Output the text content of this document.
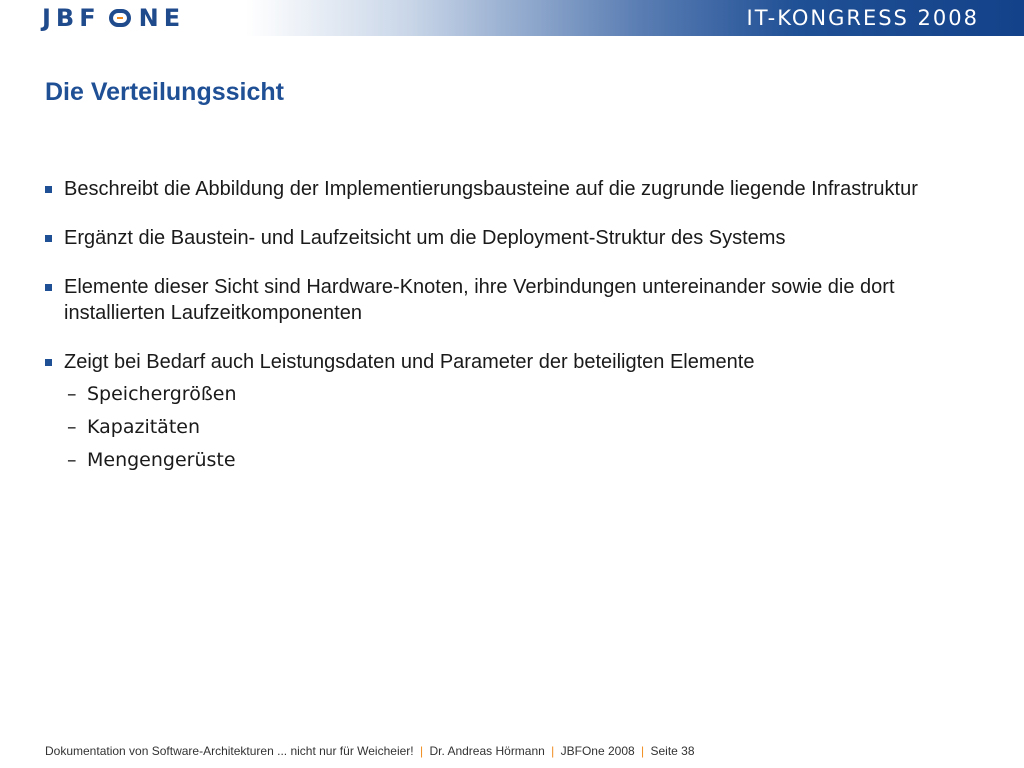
JBF NE	IT-KONGRESS 2008
Die Verteilungssicht
Beschreibt die Abbildung der Implementierungsbausteine auf die zugrunde liegende Infrastruktur
Ergänzt die Baustein- und Laufzeitsicht um die Deployment-Struktur des Systems
Elemente dieser Sicht sind Hardware-Knoten, ihre Verbindungen untereinander sowie die dort installierten Laufzeitkomponenten
Zeigt bei Bedarf auch Leistungsdaten und Parameter der beteiligten Elemente
– Speichergrößen
– Kapazitäten
– Mengengerüste
Dokumentation von Software-Architekturen ... nicht nur für Weicheier! | Dr. Andreas Hörmann | JBFOne 2008 | Seite 38
